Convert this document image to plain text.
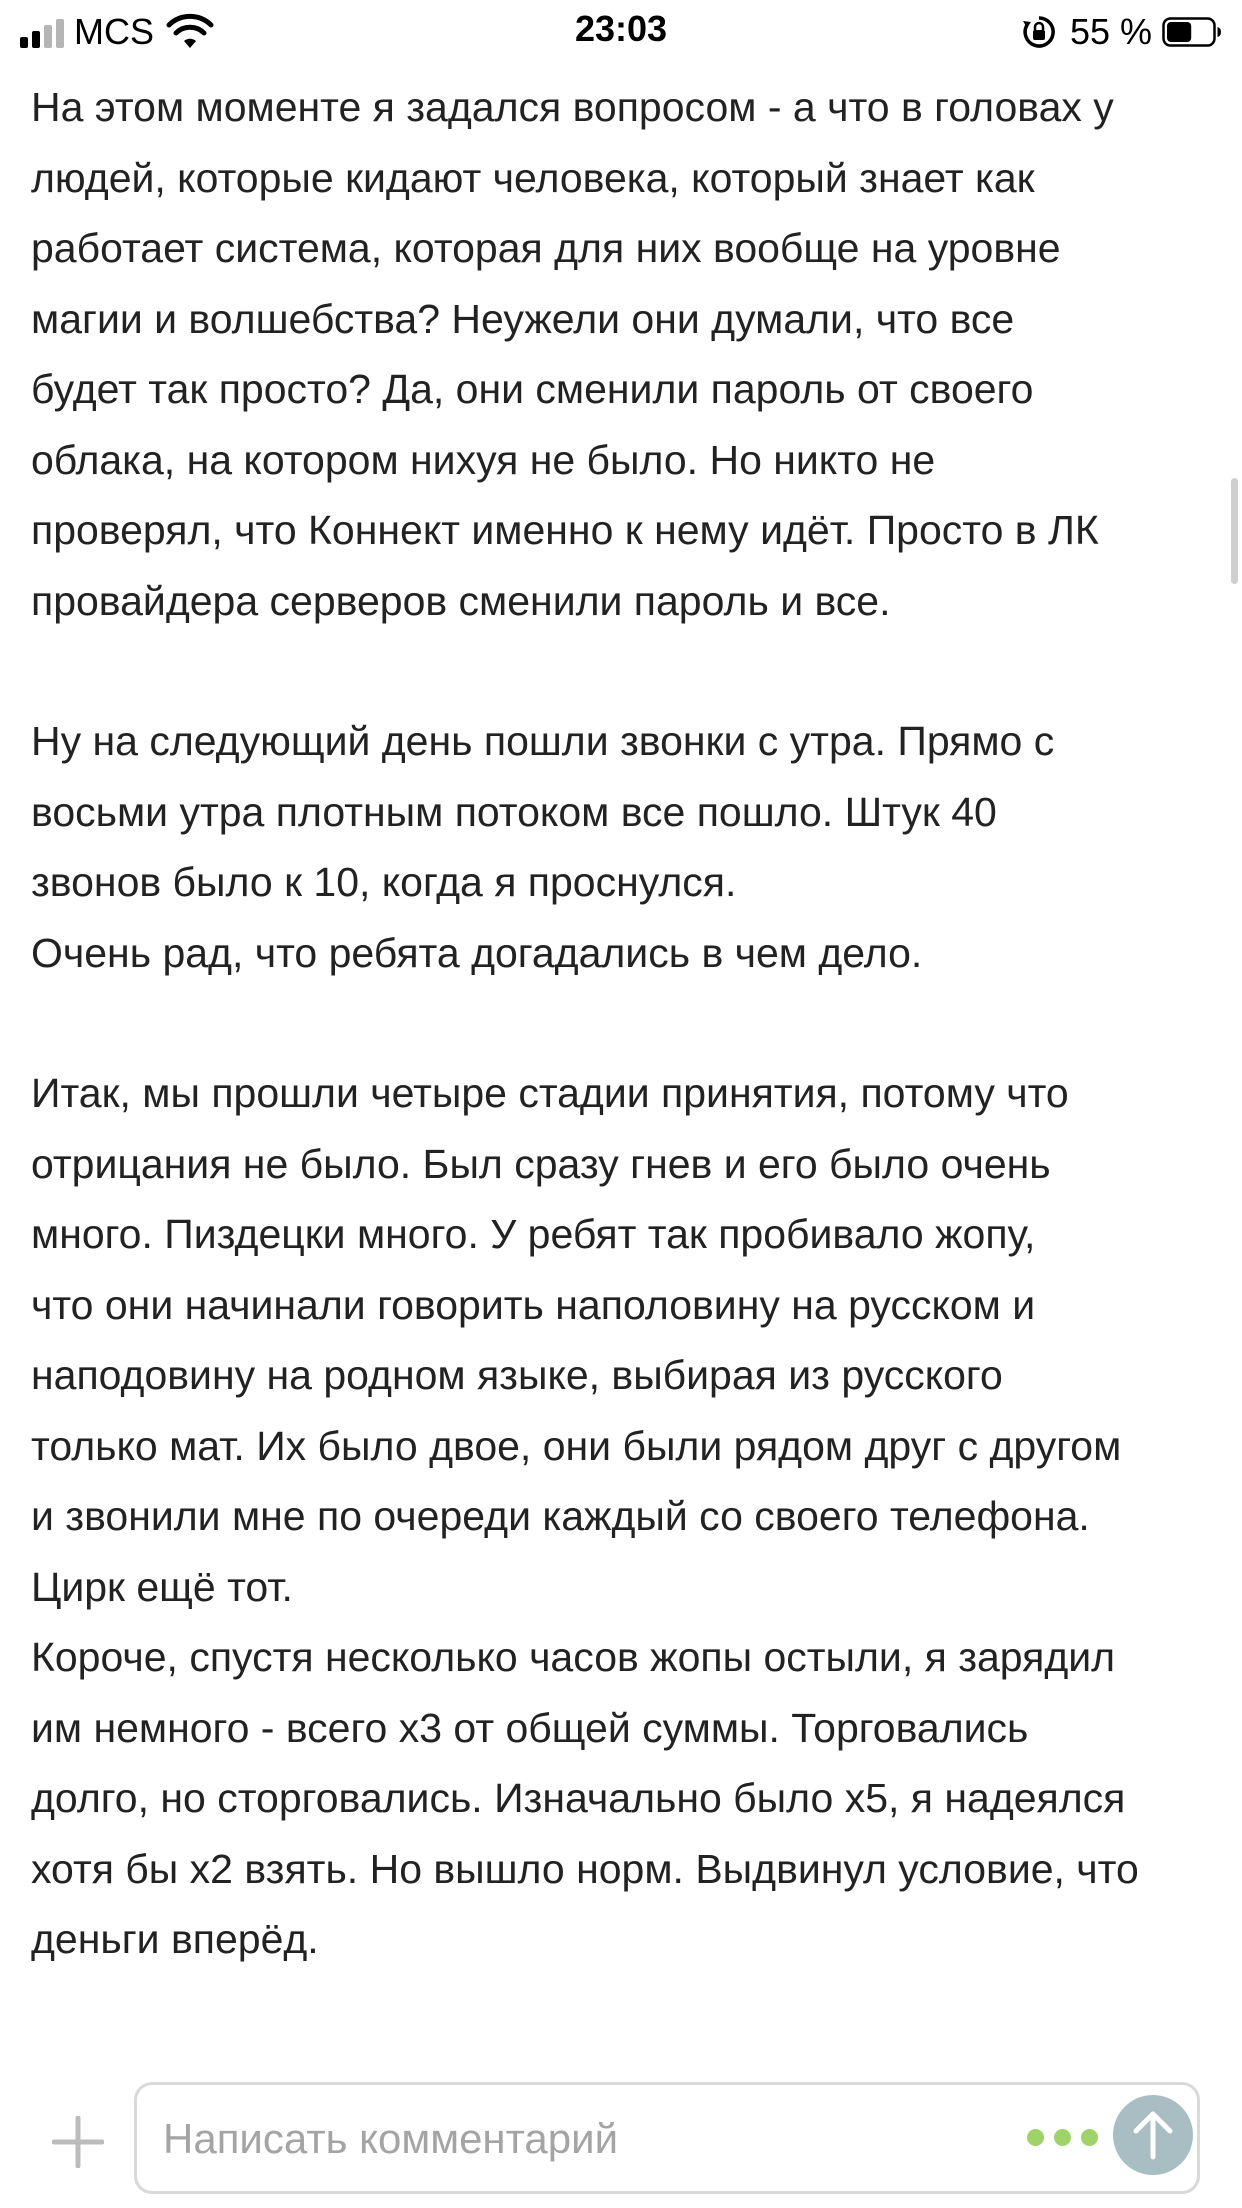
MCS	23:03	55 %

На этом моменте я задался вопросом - а что в головах у
людей, которые кидают человека, который знает как
работает система, которая для них вообще на уровне
магии и волшебства? Неужели они думали, что все
будет так просто? Да, они сменили пароль от своего
облака, на котором нихуя не было. Но никто не
проверял, что Коннект именно к нему идёт. Просто в ЛК
провайдера серверов сменили пароль и все.

Ну на следующий день пошли звонки с утра. Прямо с
восьми утра плотным потоком все пошло. Штук 40
звонов было к 10, когда я проснулся.
Очень рад, что ребята догадались в чем дело.

Итак, мы прошли четыре стадии принятия, потому что
отрицания не было. Был сразу гнев и его было очень
много. Пиздецки много. У ребят так пробивало жопу,
что они начинали говорить наполовину на русском и
наподовину на родном языке, выбирая из русского
только мат. Их было двое, они были рядом друг с другом
и звонили мне по очереди каждый со своего телефона.
Цирк ещё тот.
Короче, спустя несколько часов жопы остыли, я зарядил
им немного - всего х3 от общей суммы. Торговались
долго, но сторговались. Изначально было х5, я надеялся
хотя бы х2 взять. Но вышло норм. Выдвинул условие, что
деньги вперёд.

Написать комментарий
